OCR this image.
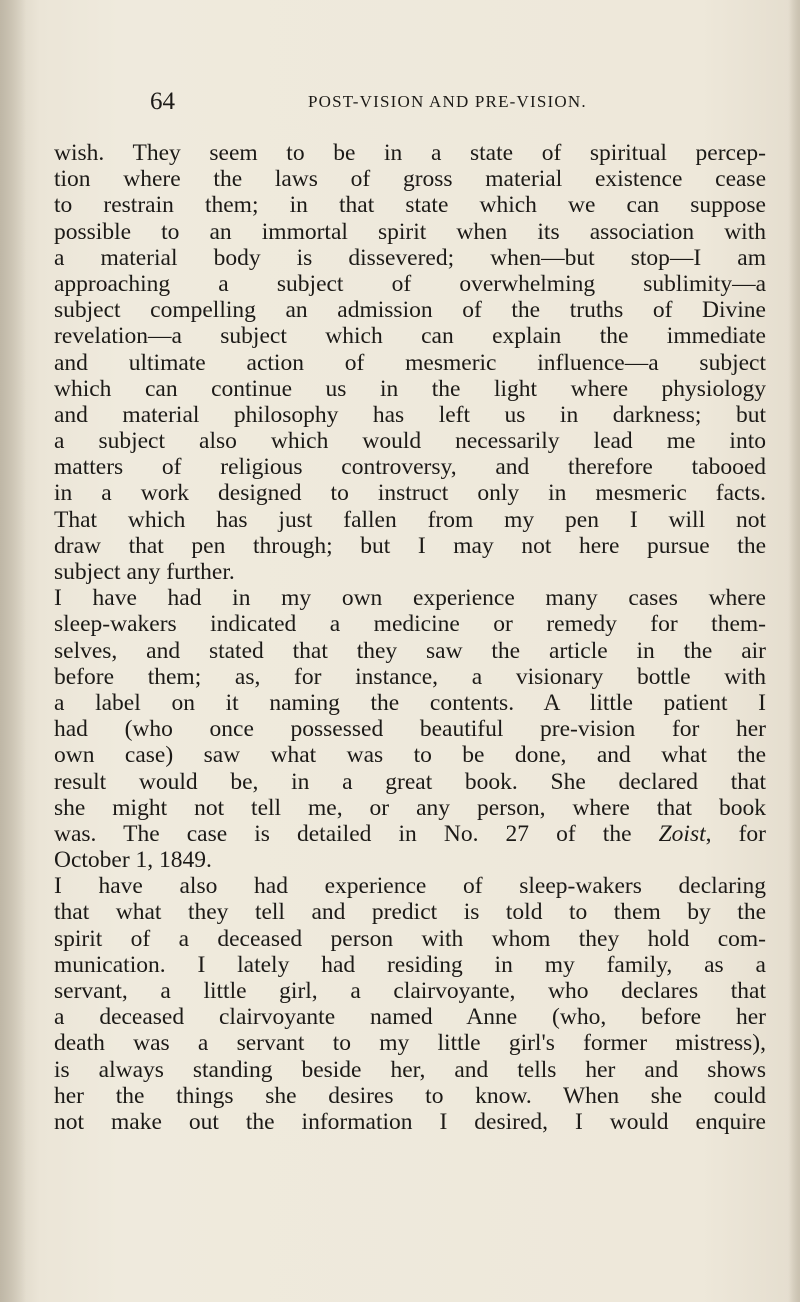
64	POST-VISION AND PRE-VISION.
wish. They seem to be in a state of spiritual percep-
tion where the laws of gross material existence cease
to restrain them; in that state which we can suppose
possible to an immortal spirit when its association with
a material body is dissevered; when—but stop—I am
approaching a subject of overwhelming sublimity—a
subject compelling an admission of the truths of Divine
revelation—a subject which can explain the immediate
and ultimate action of mesmeric influence—a subject
which can continue us in the light where physiology
and material philosophy has left us in darkness; but
a subject also which would necessarily lead me into
matters of religious controversy, and therefore tabooed
in a work designed to instruct only in mesmeric facts.
That which has just fallen from my pen I will not
draw that pen through; but I may not here pursue the
subject any further.
I have had in my own experience many cases where
sleep-wakers indicated a medicine or remedy for them-
selves, and stated that they saw the article in the air
before them; as, for instance, a visionary bottle with
a label on it naming the contents. A little patient I
had (who once possessed beautiful pre-vision for her
own case) saw what was to be done, and what the
result would be, in a great book. She declared that
she might not tell me, or any person, where that book
was. The case is detailed in No. 27 of the Zoist, for
October 1, 1849.
I have also had experience of sleep-wakers declaring
that what they tell and predict is told to them by the
spirit of a deceased person with whom they hold com-
munication. I lately had residing in my family, as a
servant, a little girl, a clairvoyante, who declares that
a deceased clairvoyante named Anne (who, before her
death was a servant to my little girl's former mistress),
is always standing beside her, and tells her and shows
her the things she desires to know. When she could
not make out the information I desired, I would enquire
